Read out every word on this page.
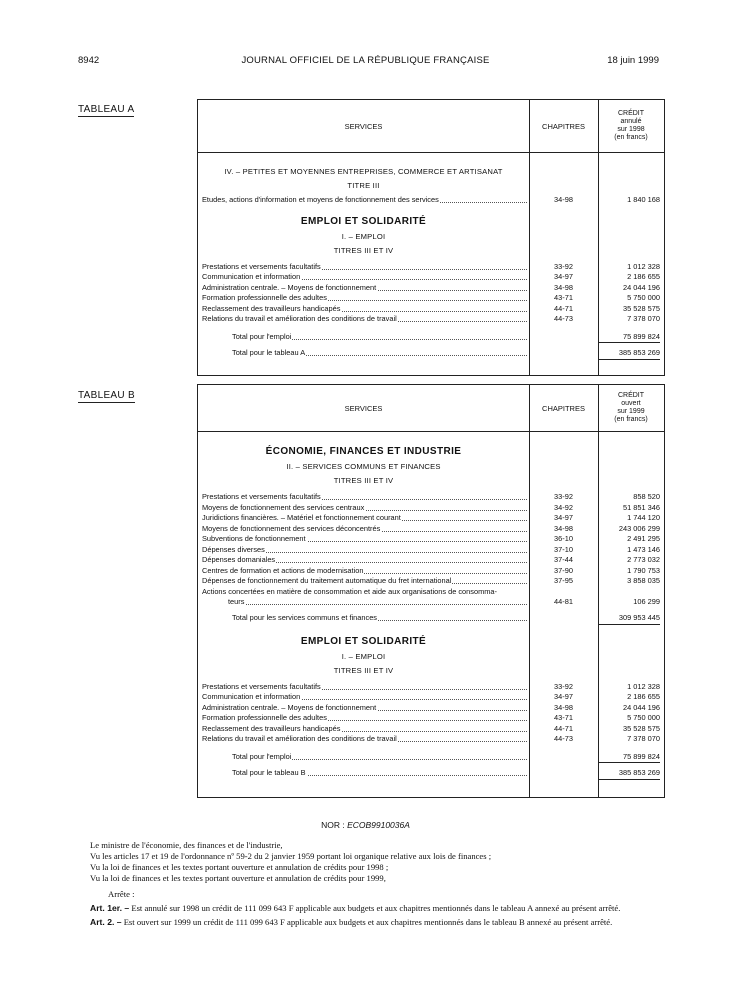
8942	JOURNAL OFFICIEL DE LA RÉPUBLIQUE FRANÇAISE	18 juin 1999
TABLEAU A
SERVICES	CHAPITRES
CRÉDIT
annulé
sur 1998
(en francs)
IV. – PETITES ET MOYENNES ENTREPRISES, COMMERCE ET ARTISANAT
TITRE III
Etudes, actions d'information et moyens de fonctionnement des services	34-98	1 840 168
EMPLOI ET SOLIDARITÉ
I. – EMPLOI
TITRES III ET IV
Prestations et versements facultatifs	33-92	1 012 328
Communication et information	34-97	2 186 655
Administration centrale. – Moyens de fonctionnement	34-98	24 044 196
Formation professionnelle des adultes	43-71	5 750 000
Reclassement des travailleurs handicapés	44-71	35 528 575
Relations du travail et amélioration des conditions de travail	44-73	7 378 070
Total pour l'emploi	75 899 824
Total pour le tableau A	385 853 269
TABLEAU B
SERVICES	CHAPITRES
CRÉDIT
ouvert
sur 1999
(en francs)
ÉCONOMIE, FINANCES ET INDUSTRIE
II. – SERVICES COMMUNS ET FINANCES
TITRES III ET IV
Prestations et versements facultatifs	33-92	858 520
Moyens de fonctionnement des services centraux	34-92	51 851 346
Juridictions financières. – Matériel et fonctionnement courant	34-97	1 744 120
Moyens de fonctionnement des services déconcentrés	34-98	243 006 299
Subventions de fonctionnement	36-10	2 491 295
Dépenses diverses	37-10	1 473 146
Dépenses domaniales	37-44	2 773 032
Centres de formation et actions de modernisation	37-90	1 790 753
Dépenses de fonctionnement du traitement automatique du fret international	37-95	3 858 035
Actions concertées en matière de consommation et aide aux organisations de consomma-
teurs	44-81	106 299
Total pour les services communs et finances	309 953 445
EMPLOI ET SOLIDARITÉ
I. – EMPLOI
TITRES III ET IV
Prestations et versements facultatifs	33-92	1 012 328
Communication et information	34-97	2 186 655
Administration centrale. – Moyens de fonctionnement	34-98	24 044 196
Formation professionnelle des adultes	43-71	5 750 000
Reclassement des travailleurs handicapés	44-71	35 528 575
Relations du travail et amélioration des conditions de travail	44-73	7 378 070
Total pour l'emploi	75 899 824
Total pour le tableau B	385 853 269
NOR : ECOB9910036A
Le ministre de l'économie, des finances et de l'industrie,
Vu les articles 17 et 19 de l'ordonnance nº 59-2 du 2 janvier 1959 portant loi organique relative aux lois de finances ;
Vu la loi de finances et les textes portant ouverture et annulation de crédits pour 1998 ;
Vu la loi de finances et les textes portant ouverture et annulation de crédits pour 1999,
Arrête :
Art. 1er. – Est annulé sur 1998 un crédit de 111 099 643 F applicable aux budgets et aux chapitres mentionnés dans le tableau A annexé au présent arrêté.
Art. 2. – Est ouvert sur 1999 un crédit de 111 099 643 F applicable aux budgets et aux chapitres mentionnés dans le tableau B annexé au présent arrêté.
